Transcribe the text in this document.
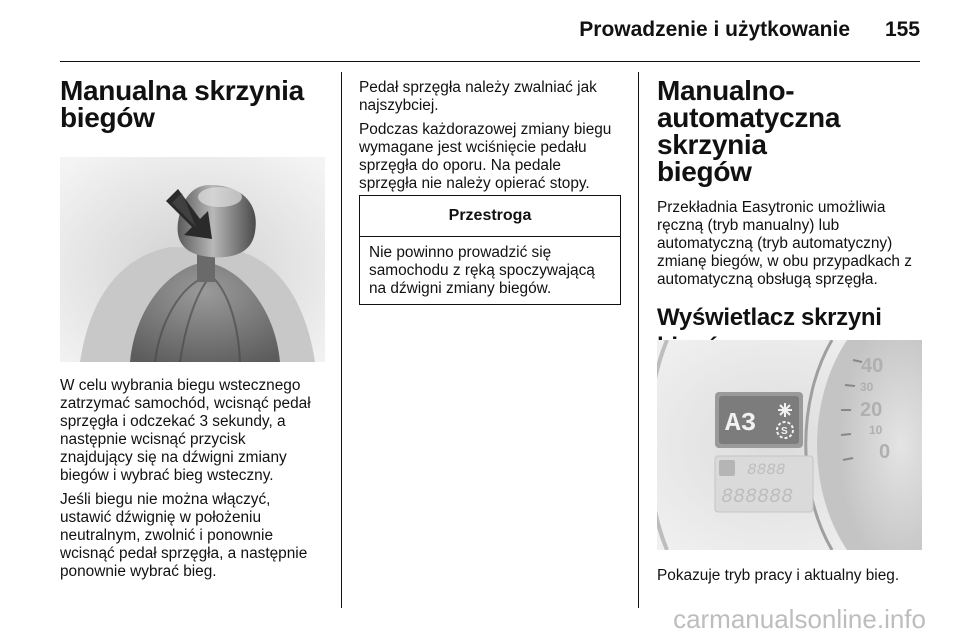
Prowadzenie i użytkowanie	155
Manualna skrzynia
biegów

W celu wybrania biegu wstecznego
zatrzymać samochód, wcisnąć pedał
sprzęgła i odczekać 3 sekundy, a
następnie wcisnąć przycisk
znajdujący się na dźwigni zmiany
biegów i wybrać bieg wsteczny.

Jeśli biegu nie można włączyć,
ustawić dźwignię w położeniu
neutralnym, zwolnić i ponownie
wcisnąć pedał sprzęgła, a następnie
ponownie wybrać bieg.

Pedał sprzęgła należy zwalniać jak
najszybciej.

Podczas każdorazowej zmiany biegu
wymagane jest wciśnięcie pedału
sprzęgła do oporu. Na pedale
sprzęgła nie należy opierać stopy.

Przestroga

Nie powinno prowadzić się
samochodu z ręką spoczywającą
na dźwigni zmiany biegów.

Manualno-
automatyczna skrzynia
biegów

Przekładnia Easytronic umożliwia
ręczną (tryb manualny) lub
automatyczną (tryb automatyczny)
zmianę biegów, w obu przypadkach z
automatyczną obsługą sprzęgła.

Wyświetlacz skrzyni

40
30
20
10
0
A3 S
8888
888888

Pokazuje tryb pracy i aktualny bieg.

carmanualsonline.info
